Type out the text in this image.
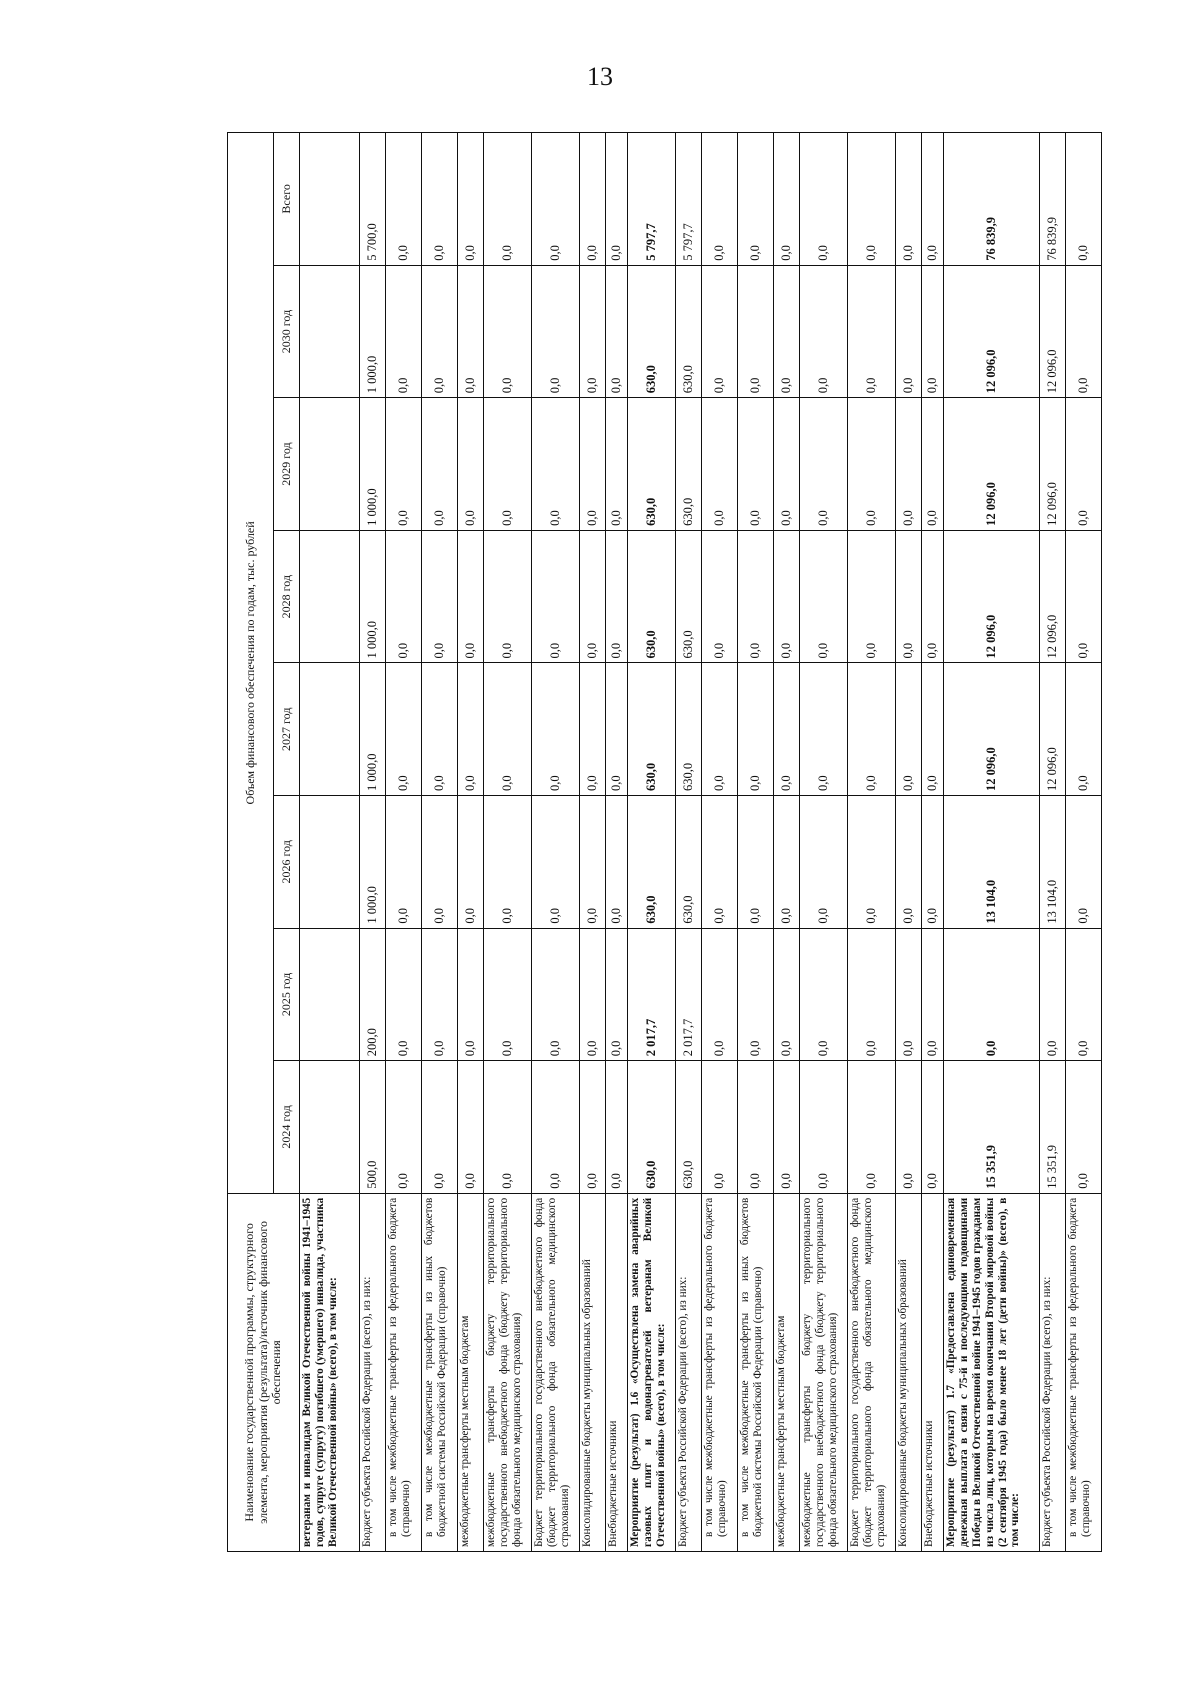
13
Наименование государственной программы, структурного элемента, мероприятия (результата)/источник финансового обеспечения	Объем финансового обеспечения по годам, тыс. рублей							
	2024 год	2025 год	2026 год	2027 год	2028 год	2029 год	2030 год	Всего
ветеранам и инвалидам Великой Отечественной войны 1941–1945 годов, супруге (супругу) погибшего (умершего) инвалида, участника Великой Отечественной войны» (всего), в том числе:								
Бюджет субъекта Российской Федерации (всего), из них:	500,0	200,0	1 000,0	1 000,0	1 000,0	1 000,0	1 000,0	5 700,0
в том числе межбюджетные трансферты из федерального бюджета (справочно)	0,0	0,0	0,0	0,0	0,0	0,0	0,0	0,0
в том числе межбюджетные трансферты из иных бюджетов бюджетной системы Российской Федерации (справочно)	0,0	0,0	0,0	0,0	0,0	0,0	0,0	0,0
межбюджетные трансферты местным бюджетам	0,0	0,0	0,0	0,0	0,0	0,0	0,0	0,0
межбюджетные трансферты бюджету территориального государственного внебюджетного фонда (бюджету территориального фонда обязательного медицинского страхования)	0,0	0,0	0,0	0,0	0,0	0,0	0,0	0,0
Бюджет территориального государственного внебюджетного фонда (бюджет территориального фонда обязательного медицинского страхования)	0,0	0,0	0,0	0,0	0,0	0,0	0,0	0,0
Консолидированные бюджеты муниципальных образований	0,0	0,0	0,0	0,0	0,0	0,0	0,0	0,0
Внебюджетные источники	0,0	0,0	0,0	0,0	0,0	0,0	0,0	0,0
Мероприятие (результат) 1.6 «Осуществлена замена аварийных газовых плит и водонагревателей ветеранам Великой Отечественной войны» (всего), в том числе:	630,0	2 017,7	630,0	630,0	630,0	630,0	630,0	5 797,7
Бюджет субъекта Российской Федерации (всего), из них:	630,0	2 017,7	630,0	630,0	630,0	630,0	630,0	5 797,7
в том числе межбюджетные трансферты из федерального бюджета (справочно)	0,0	0,0	0,0	0,0	0,0	0,0	0,0	0,0
в том числе межбюджетные трансферты из иных бюджетов бюджетной системы Российской Федерации (справочно)	0,0	0,0	0,0	0,0	0,0	0,0	0,0	0,0
межбюджетные трансферты местным бюджетам	0,0	0,0	0,0	0,0	0,0	0,0	0,0	0,0
межбюджетные трансферты бюджету территориального государственного внебюджетного фонда (бюджету территориального фонда обязательного медицинского страхования)	0,0	0,0	0,0	0,0	0,0	0,0	0,0	0,0
Бюджет территориального государственного внебюджетного фонда (бюджет территориального фонда обязательного медицинского страхования)	0,0	0,0	0,0	0,0	0,0	0,0	0,0	0,0
Консолидированные бюджеты муниципальных образований	0,0	0,0	0,0	0,0	0,0	0,0	0,0	0,0
Внебюджетные источники	0,0	0,0	0,0	0,0	0,0	0,0	0,0	0,0
Мероприятие (результат) 1.7 «Предоставлена единовременная денежная выплата в связи с 75-й и последующими годовщинами Победы в Великой Отечественной войне 1941–1945 годов гражданам из числа лиц, которым на время окончания Второй мировой войны (2 сентября 1945 года) было менее 18 лет (дети войны)» (всего), в том числе:	15 351,9	0,0	13 104,0	12 096,0	12 096,0	12 096,0	12 096,0	76 839,9
Бюджет субъекта Российской Федерации (всего), из них:	15 351,9	0,0	13 104,0	12 096,0	12 096,0	12 096,0	12 096,0	76 839,9
в том числе межбюджетные трансферты из федерального бюджета (справочно)	0,0	0,0	0,0	0,0	0,0	0,0	0,0	0,0
